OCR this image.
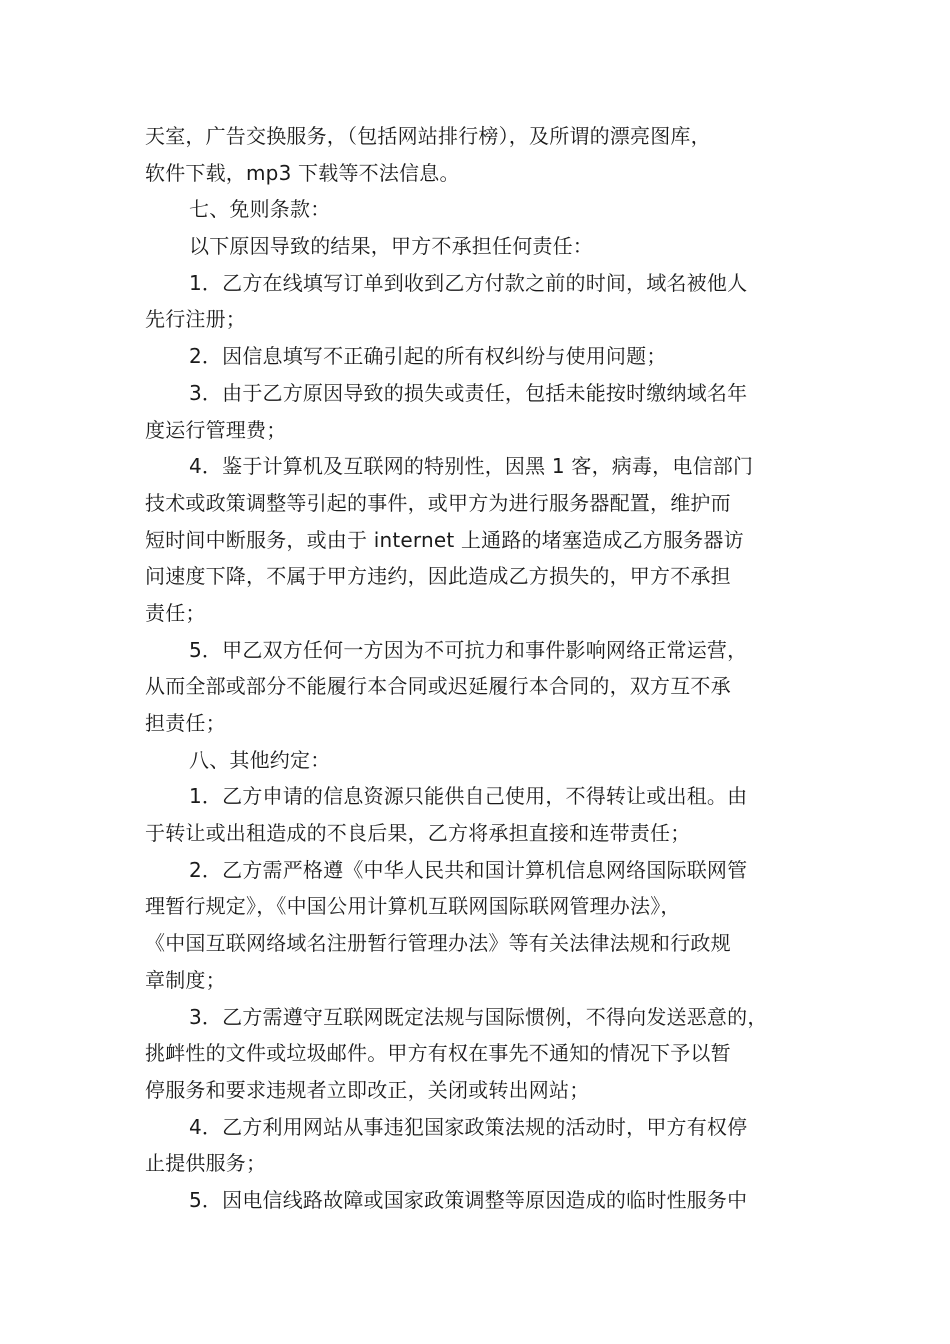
天室，广告交换服务，（包括网站排行榜），及所谓的漂亮图库，
软件下载，mp3 下载等不法信息。
七、免则条款：
以下原因导致的结果，甲方不承担任何责任：
1．乙方在线填写订单到收到乙方付款之前的时间，域名被他人
先行注册；
2．因信息填写不正确引起的所有权纠纷与使用问题；
3．由于乙方原因导致的损失或责任，包括未能按时缴纳域名年
度运行管理费；
4．鉴于计算机及互联网的特别性，因黑 1 客，病毒，电信部门
技术或政策调整等引起的事件，或甲方为进行服务器配置，维护而
短时间中断服务，或由于 internet 上通路的堵塞造成乙方服务器访
问速度下降，不属于甲方违约，因此造成乙方损失的，甲方不承担
责任；
5．甲乙双方任何一方因为不可抗力和事件影响网络正常运营，
从而全部或部分不能履行本合同或迟延履行本合同的，双方互不承
担责任；
八、其他约定：
1．乙方申请的信息资源只能供自己使用，不得转让或出租。由
于转让或出租造成的不良后果，乙方将承担直接和连带责任；
2．乙方需严格遵《中华人民共和国计算机信息网络国际联网管
理暂行规定》，《中国公用计算机互联网国际联网管理办法》，
《中国互联网络域名注册暂行管理办法》等有关法律法规和行政规
章制度；
3．乙方需遵守互联网既定法规与国际惯例，不得向发送恶意的，
挑衅性的文件或垃圾邮件。甲方有权在事先不通知的情况下予以暂
停服务和要求违规者立即改正，关闭或转出网站；
4．乙方利用网站从事违犯国家政策法规的活动时，甲方有权停
止提供服务；
5．因电信线路故障或国家政策调整等原因造成的临时性服务中
